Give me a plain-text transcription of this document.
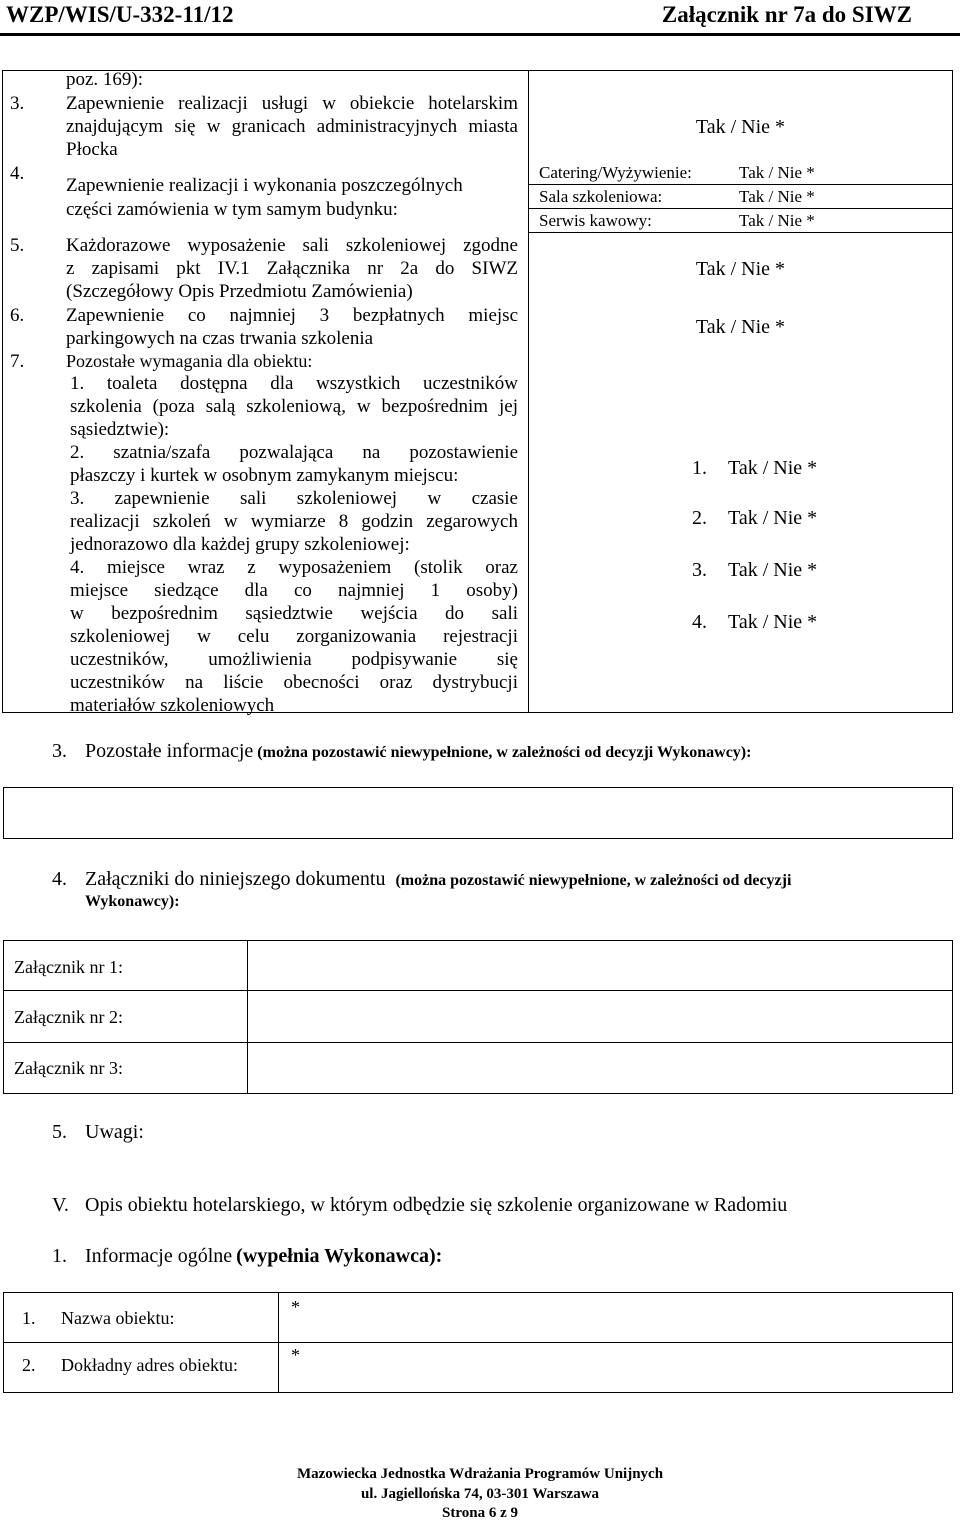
WZP/WIS/U-332-11/12	Załącznik nr 7a do SIWZ
poz. 169):
3. Zapewnienie realizacji usługi w obiekcie hotelarskim
znajdującym się w granicach administracyjnych miasta
Płocka
Tak / Nie *
4.
Zapewnienie realizacji i wykonania poszczególnych
części zamówienia w tym samym budynku:
Catering/Wyżywienie:	Tak / Nie *
Sala szkoleniowa:	Tak / Nie *
Serwis kawowy:	Tak / Nie *
5. Każdorazowe wyposażenie sali szkoleniowej zgodne
z zapisami pkt IV.1 Załącznika nr 2a do SIWZ
(Szczegółowy Opis Przedmiotu Zamówienia)
Tak / Nie *
6. Zapewnienie co najmniej 3 bezpłatnych miejsc
parkingowych na czas trwania szkolenia
Tak / Nie *
7. Pozostałe wymagania dla obiektu:
1. toaleta dostępna dla wszystkich uczestników
szkolenia (poza salą szkoleniową, w bezpośrednim jej
sąsiedztwie):
1. Tak / Nie *
2. szatnia/szafa pozwalająca na pozostawienie
płaszczy i kurtek w osobnym zamykanym miejscu:
2. Tak / Nie *
3. zapewnienie sali szkoleniowej w czasie
realizacji szkoleń w wymiarze 8 godzin zegarowych
jednorazowo dla każdej grupy szkoleniowej:
3. Tak / Nie *
4. miejsce wraz z wyposażeniem (stolik oraz
miejsce siedzące dla co najmniej 1 osoby)
w bezpośrednim sąsiedztwie wejścia do sali
szkoleniowej w celu zorganizowania rejestracji
uczestników, umożliwienia podpisywanie się
uczestników na liście obecności oraz dystrybucji
materiałów szkoleniowych
4. Tak / Nie *
3. Pozostałe informacje (można pozostawić niewypełnione, w zależności od decyzji Wykonawcy):
4. Załączniki do niniejszego dokumentu (można pozostawić niewypełnione, w zależności od decyzji
Wykonawcy):
Załącznik nr 1:
Załącznik nr 2:
Załącznik nr 3:
5. Uwagi:
V. Opis obiektu hotelarskiego, w którym odbędzie się szkolenie organizowane w Radomiu
1. Informacje ogólne (wypełnia Wykonawca):
1. Nazwa obiektu:
*
2. Dokładny adres obiektu:	*
Mazowiecka Jednostka Wdrażania Programów Unijnych
ul. Jagiellońska 74, 03-301 Warszawa
Strona 6 z 9
